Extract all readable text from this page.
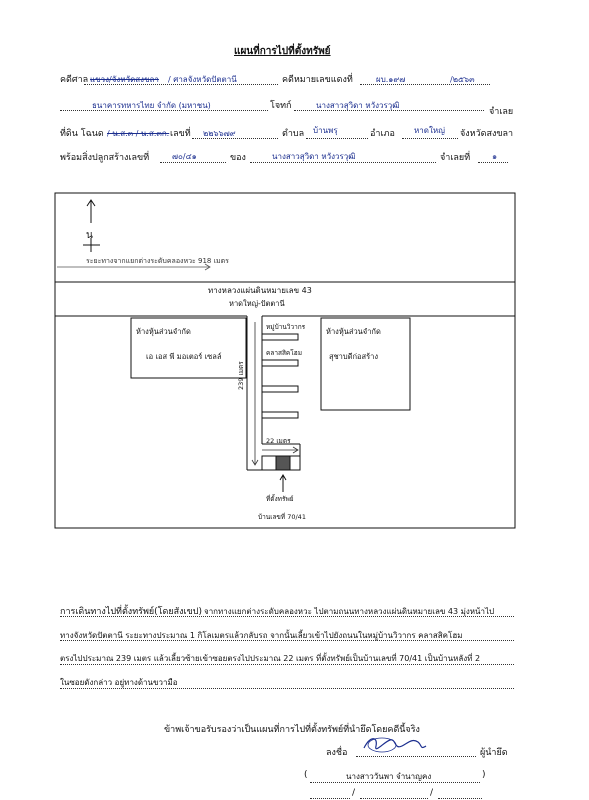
แผนที่การไปที่ตั้งทรัพย์
คดีศาล แขวง/จังหวัดสงขลา / ศาลจังหวัดปัตตานี	คดีหมายเลขแดงที่	ผบ.๑๙๗	/๒๕๖๓
ธนาคารทหารไทย จำกัด (มหาชน)	โจทก์	นางสาวสุวิดา หวังวรวุฒิ
จำเลย
ที่ดิน โฉนด / น.ส.๓ / น.ส.๓ก. เลขที่ ๒๒๖๖๗๙	ตำบล บ้านพรุ	อำเภอ หาดใหญ่ จังหวัดสงขลา
พร้อมสิ่งปลูกสร้างเลขที่	๗๐/๔๑	ของ	นางสาวสุวิดา หวังวรวุฒิ	จำเลยที่	๑
น
ระยะทางจากแยกต่างระดับคลองหวะ 918 เมตร
ทางหลวงแผ่นดินหมายเลข 43
หาดใหญ่-ปัตตานี
ห้างหุ้นส่วนจำกัด
เอ เอส พี มอเตอร์ เซลล์
หมู่บ้านวิวากร
คลาสสิคโฮม
239 เมตร
ห้างหุ้นส่วนจำกัด
สุชาบดีก่อสร้าง
22 เมตร
ที่ตั้งทรัพย์
บ้านเลขที่ 70/41
การเดินทางไปที่ตั้งทรัพย์(โดยสังเขป) จากทางแยกต่างระดับคลองหวะ ไปตามถนนทางหลวงแผ่นดินหมายเลข 43 มุ่งหน้าไป
ทางจังหวัดปัตตานี ระยะทางประมาณ 1 กิโลเมตรแล้วกลับรถ จากนั้นเลี้ยวเข้าไปยังถนนในหมู่บ้านวิวากร คลาสสิคโฮม
ตรงไปประมาณ 239 เมตร แล้วเลี้ยวซ้ายเข้าซอยตรงไปประมาณ 22 เมตร ที่ตั้งทรัพย์เป็นบ้านเลขที่ 70/41 เป็นบ้านหลังที่ 2
ในซอยดังกล่าว อยู่ทางด้านขวามือ
ข้าพเจ้าขอรับรองว่าเป็นแผนที่การไปที่ตั้งทรัพย์ที่นำยึดโดยคดีนี้จริง
ลงชื่อ	ผู้นำยึด
(	นางสาววันพา จำนาญคง	)
/	/
